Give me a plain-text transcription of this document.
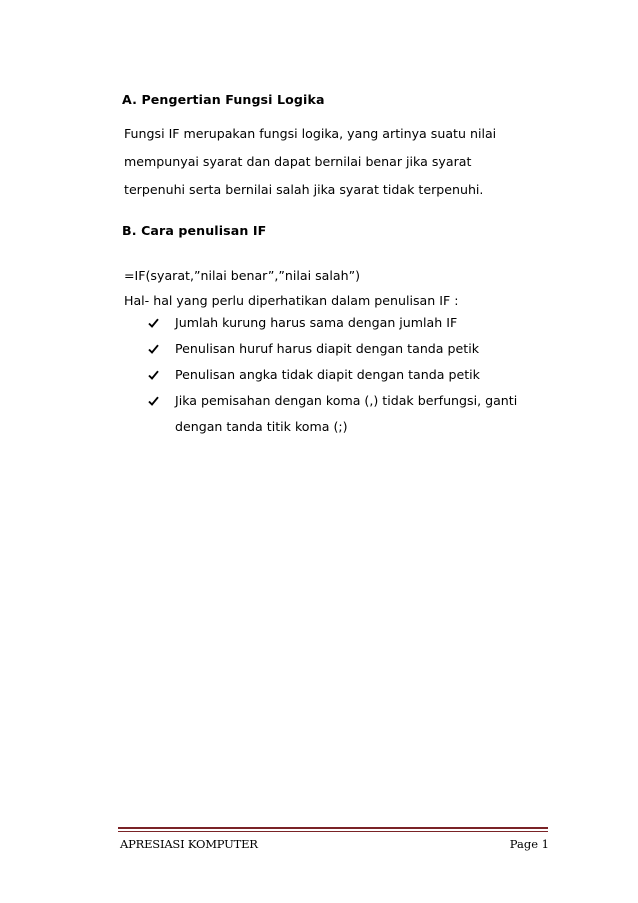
A. Pengertian Fungsi Logika
Fungsi IF merupakan fungsi logika, yang artinya suatu nilai
mempunyai syarat dan dapat bernilai benar jika syarat
terpenuhi serta bernilai salah jika syarat tidak terpenuhi.
B. Cara penulisan IF
=IF(syarat,”nilai benar”,”nilai salah”)
Hal- hal yang perlu diperhatikan dalam penulisan IF :
Jumlah kurung harus sama dengan jumlah IF
Penulisan huruf harus diapit dengan tanda petik
Penulisan angka tidak diapit dengan tanda petik
Jika pemisahan dengan koma (,) tidak berfungsi, ganti
dengan tanda titik koma (;)
APRESIASI KOMPUTER	Page 1
